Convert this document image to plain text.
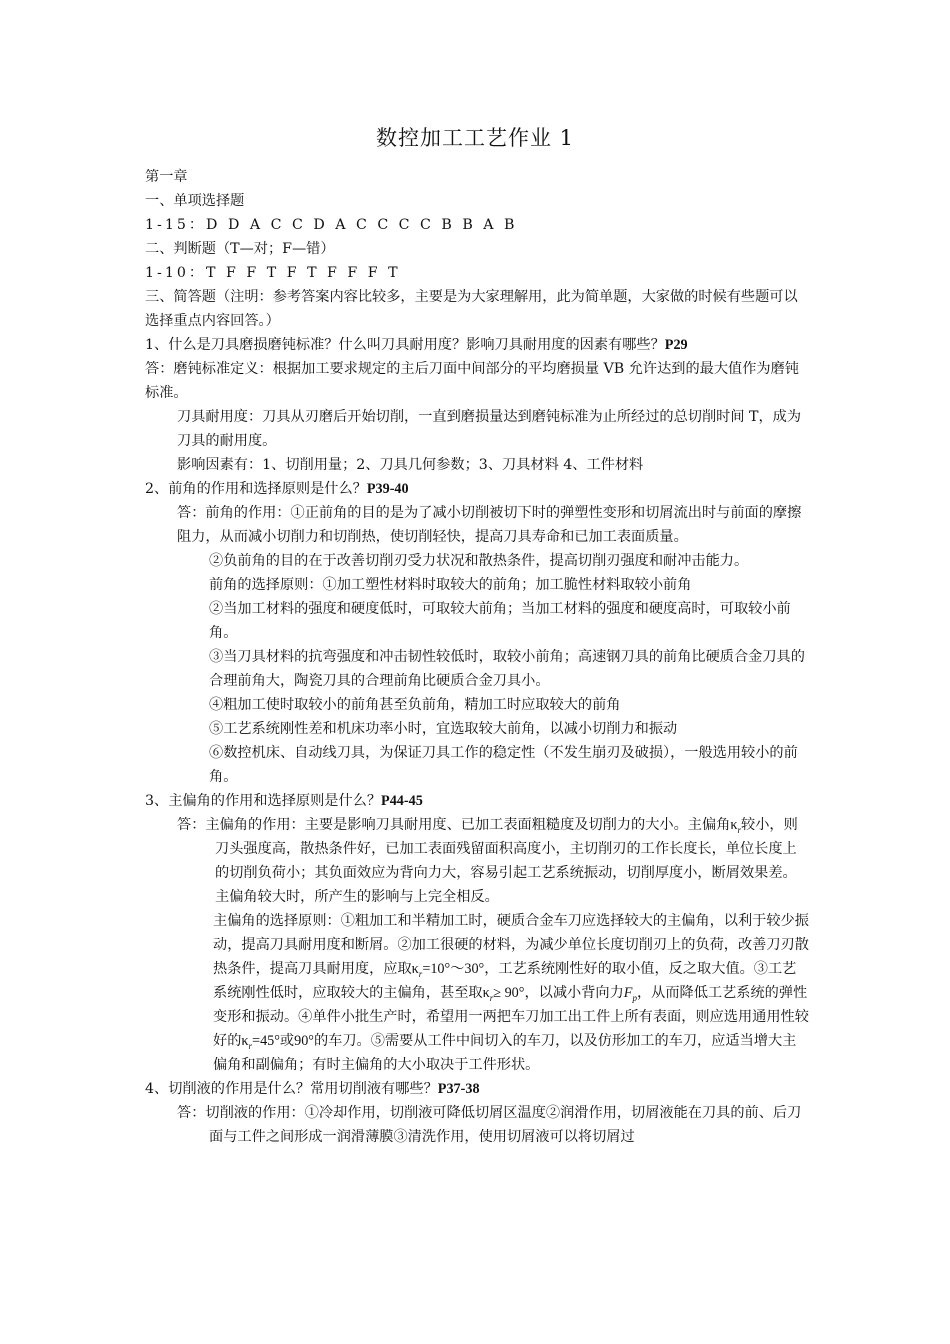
数控加工工艺作业 1
第一章
一、单项选择题
1-15：D D A C C D A C C C C B B A B
二、判断题（T—对；F—错）
1-10：T F F T F T F F F T
三、简答题（注明：参考答案内容比较多，主要是为大家理解用，此为简单题，大家做的时候有些题可以选择重点内容回答。）
1、什么是刀具磨损磨钝标准？什么叫刀具耐用度？影响刀具耐用度的因素有哪些？P29
答：磨钝标准定义：根据加工要求规定的主后刀面中间部分的平均磨损量 VB 允许达到的最大值作为磨钝标准。
刀具耐用度：刀具从刃磨后开始切削，一直到磨损量达到磨钝标准为止所经过的总切削时间 T，成为刀具的耐用度。
影响因素有：1、切削用量；2、刀具几何参数；3、刀具材料 4、工件材料
2、前角的作用和选择原则是什么？P39-40
答：前角的作用：①正前角的目的是为了减小切削被切下时的弹塑性变形和切屑流出时与前面的摩擦阻力，从而减小切削力和切削热，使切削轻快，提高刀具寿命和已加工表面质量。
②负前角的目的在于改善切削刃受力状况和散热条件，提高切削刃强度和耐冲击能力。
前角的选择原则：①加工塑性材料时取较大的前角；加工脆性材料取较小前角
②当加工材料的强度和硬度低时，可取较大前角；当加工材料的强度和硬度高时，可取较小前角。
③当刀具材料的抗弯强度和冲击韧性较低时，取较小前角；高速钢刀具的前角比硬质合金刀具的合理前角大，陶瓷刀具的合理前角比硬质合金刀具小。
④粗加工使时取较小的前角甚至负前角，精加工时应取较大的前角
⑤工艺系统刚性差和机床功率小时，宜选取较大前角，以减小切削力和振动
⑥数控机床、自动线刀具，为保证刀具工作的稳定性（不发生崩刃及破损），一般选用较小的前角。
3、主偏角的作用和选择原则是什么？P44-45
答：主偏角的作用：主要是影响刀具耐用度、已加工表面粗糙度及切削力的大小。主偏角$\kappa_r$较小，则刀头强度高，散热条件好，已加工表面残留面积高度小，主切削刃的工作长度长，单位长度上的切削负荷小；其负面效应为背向力大，容易引起工艺系统振动，切削厚度小，断屑效果差。主偏角较大时，所产生的影响与上完全相反。
主偏角的选择原则：①粗加工和半精加工时，硬质合金车刀应选择较大的主偏角，以利于较少振动，提高刀具耐用度和断屑。②加工很硬的材料，为减少单位长度切削刃上的负荷，改善刀刃散热条件，提高刀具耐用度，应取$\kappa_r=10^\circ\sim 30^\circ$，工艺系统刚性好的取小值，反之取大值。③工艺系统刚性低时，应取较大的主偏角，甚至取$\kappa_r\ge 90^\circ$，以减小背向力$F_p$，从而降低工艺系统的弹性变形和振动。④单件小批生产时，希望用一两把车刀加工出工件上所有表面，则应选用通用性较好的$\kappa_r=45^\circ$或90°的车刀。⑤需要从工件中间切入的车刀，以及仿形加工的车刀，应适当增大主偏角和副偏角；有时主偏角的大小取决于工件形状。
4、切削液的作用是什么？常用切削液有哪些？P37-38
答：切削液的作用：①冷却作用，切削液可降低切屑区温度②润滑作用，切屑液能在刀具的前、后刀面与工件之间形成一润滑薄膜③清洗作用，使用切屑液可以将切屑过
